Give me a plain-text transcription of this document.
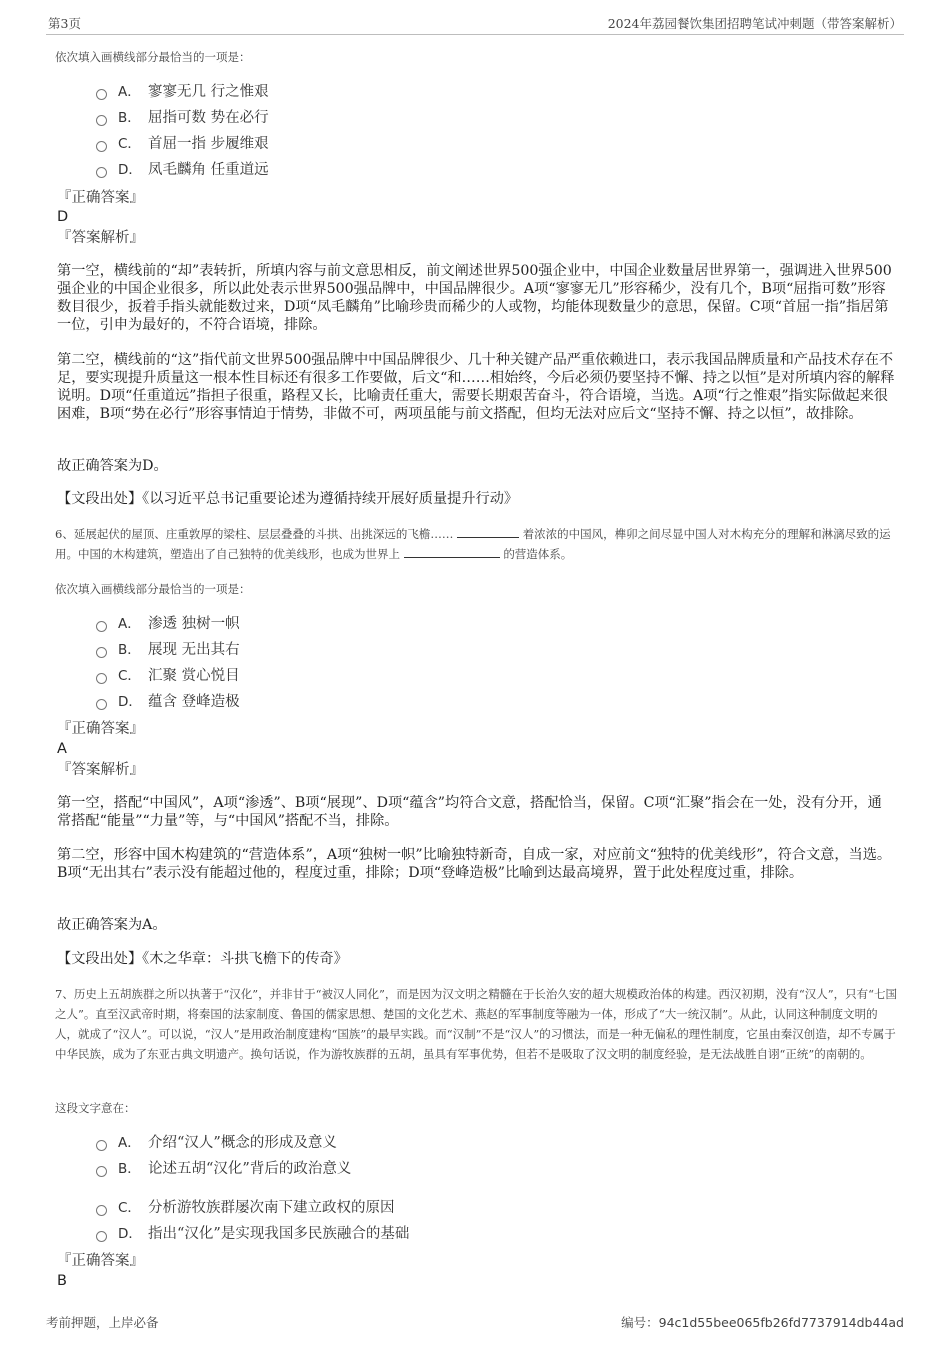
第3页	2024年荔园餐饮集团招聘笔试冲刺题（带答案解析）
依次填入画横线部分最恰当的一项是：
A． 寥寥无几 行之惟艰
B． 屈指可数 势在必行
C． 首屈一指 步履维艰
D． 凤毛麟角 任重道远
『正确答案』
D
『答案解析』
第一空，横线前的“却”表转折，所填内容与前文意思相反，前文阐述世界500强企业中，中国企业数量居世界第一，强调进入世界500强企业的中国企业很多，所以此处表示世界500强品牌中，中国品牌很少。A项“寥寥无几”形容稀少，没有几个，B项“屈指可数”形容数目很少，扳着手指头就能数过来，D项“凤毛麟角”比喻珍贵而稀少的人或物，均能体现数量少的意思，保留。C项“首屈一指”指居第一位，引申为最好的，不符合语境，排除。
第二空，横线前的“这”指代前文世界500强品牌中中国品牌很少、几十种关键产品严重依赖进口，表示我国品牌质量和产品技术存在不足，要实现提升质量这一根本性目标还有很多工作要做，后文“和……相始终，今后必须仍要坚持不懈、持之以恒”是对所填内容的解释说明。D项“任重道远”指担子很重，路程又长，比喻责任重大，需要长期艰苦奋斗，符合语境，当选。A项“行之惟艰”指实际做起来很困难，B项“势在必行”形容事情迫于情势，非做不可，两项虽能与前文搭配，但均无法对应后文“坚持不懈、持之以恒”，故排除。
故正确答案为D。
【文段出处】《以习近平总书记重要论述为遵循持续开展好质量提升行动》
6、延展起伏的屋顶、庄重敦厚的梁柱、层层叠叠的斗拱、出挑深远的飞檐……	着浓浓的中国风，榫卯之间尽显中国人对木构充分的理解和淋漓尽致的运用。中国的木构建筑，塑造出了自己独特的优美线形，也成为世界上	的营造体系。
依次填入画横线部分最恰当的一项是：
A． 渗透 独树一帜
B． 展现 无出其右
C． 汇聚 赏心悦目
D． 蕴含 登峰造极
『正确答案』
A
『答案解析』
第一空，搭配“中国风”，A项“渗透”、B项“展现”、D项“蕴含”均符合文意，搭配恰当，保留。C项“汇聚”指会在一处，没有分开，通常搭配“能量”“力量”等，与“中国风”搭配不当，排除。
第二空，形容中国木构建筑的“营造体系”，A项“独树一帜”比喻独特新奇，自成一家，对应前文“独特的优美线形”，符合文意，当选。B项“无出其右”表示没有能超过他的，程度过重，排除；D项“登峰造极”比喻到达最高境界，置于此处程度过重，排除。
故正确答案为A。
【文段出处】《木之华章：斗拱飞檐下的传奇》
7、历史上五胡族群之所以执著于“汉化”，并非甘于“被汉人同化”，而是因为汉文明之精髓在于长治久安的超大规模政治体的构建。西汉初期，没有“汉人”，只有“七国之人”。直至汉武帝时期，将秦国的法家制度、鲁国的儒家思想、楚国的文化艺术、燕赵的军事制度等融为一体，形成了“大一统汉制”。从此，认同这种制度文明的人，就成了“汉人”。可以说，“汉人”是用政治制度建构“国族”的最早实践。而“汉制”不是“汉人”的习惯法，而是一种无偏私的理性制度，它虽由秦汉创造，却不专属于中华民族，成为了东亚古典文明遗产。换句话说，作为游牧族群的五胡，虽具有军事优势，但若不是吸取了汉文明的制度经验，是无法战胜自诩“正统”的南朝的。
这段文字意在：
A． 介绍“汉人”概念的形成及意义
B． 论述五胡“汉化”背后的政治意义
C． 分析游牧族群屡次南下建立政权的原因
D． 指出“汉化”是实现我国多民族融合的基础
『正确答案』
B
考前押题，上岸必备	编号：94c1d55bee065fb26fd7737914db44ad
